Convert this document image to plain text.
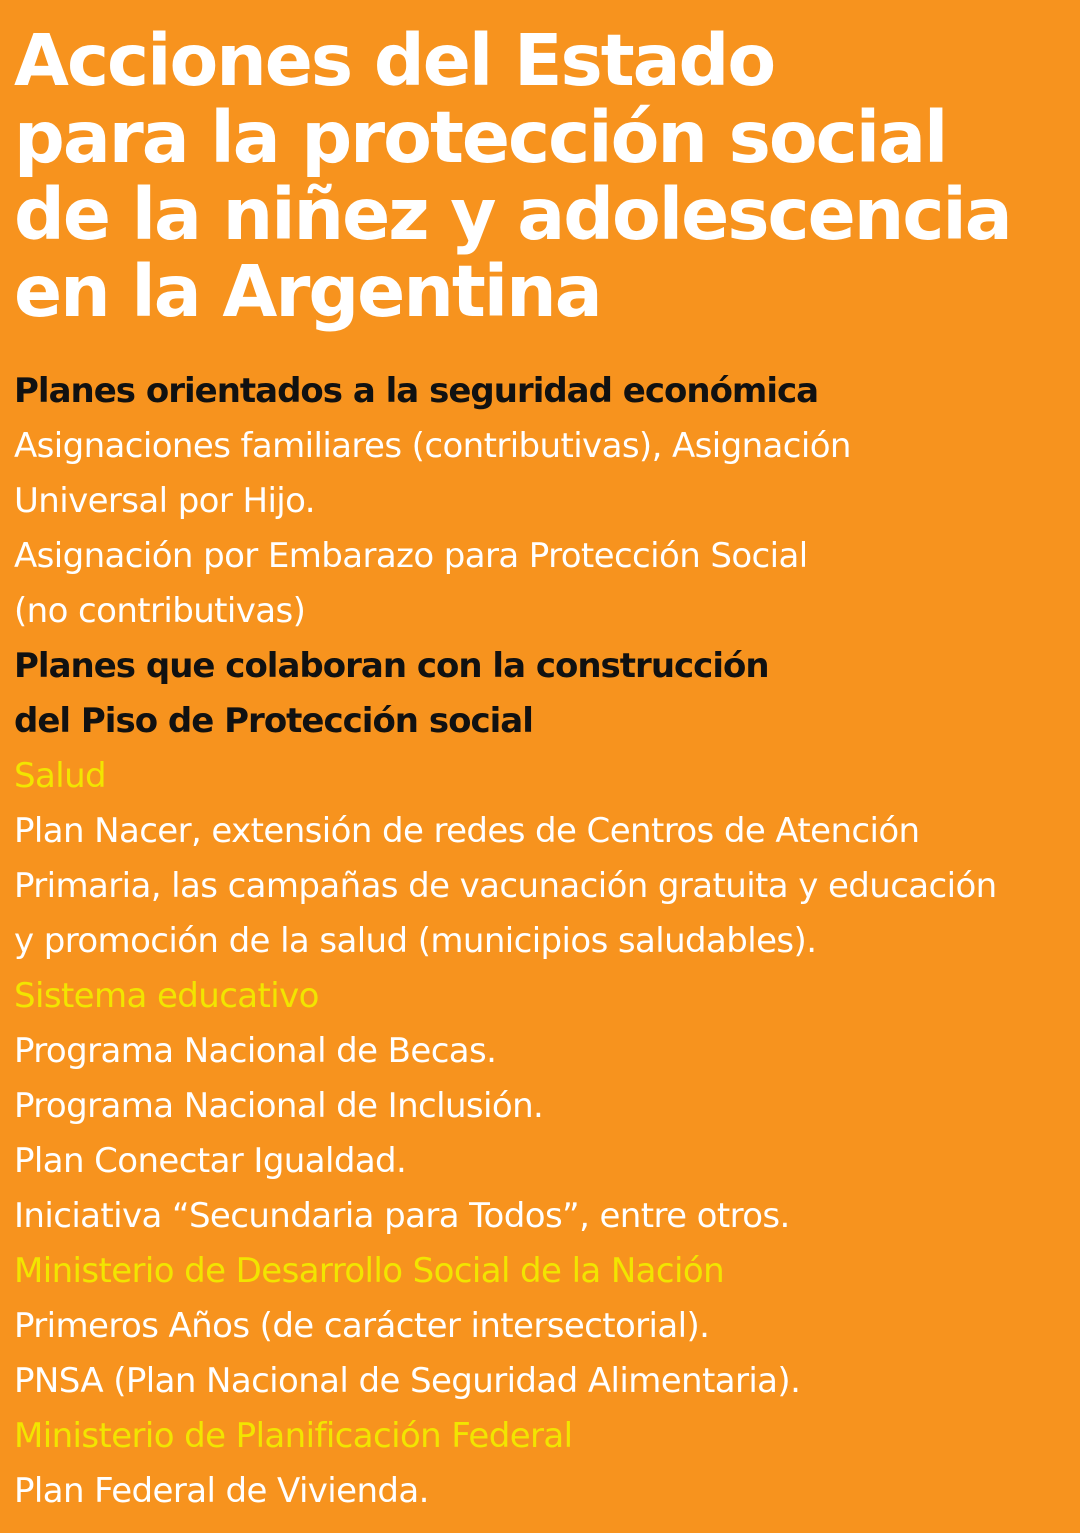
Acciones del Estado
para la protección social
de la niñez y adolescencia
en la Argentina
Planes orientados a la seguridad económica
Asignaciones familiares (contributivas), Asignación
Universal por Hijo.
Asignación por Embarazo para Protección Social
(no contributivas)
Planes que colaboran con la construcción
del Piso de Protección social
Salud
Plan Nacer, extensión de redes de Centros de Atención
Primaria, las campañas de vacunación gratuita y educación
y promoción de la salud (municipios saludables).
Sistema educativo
Programa Nacional de Becas.
Programa Nacional de Inclusión.
Plan Conectar Igualdad.
Iniciativa “Secundaria para Todos”, entre otros.
Ministerio de Desarrollo Social de la Nación
Primeros Años (de carácter intersectorial).
PNSA (Plan Nacional de Seguridad Alimentaria).
Ministerio de Planificación Federal
Plan Federal de Vivienda.
